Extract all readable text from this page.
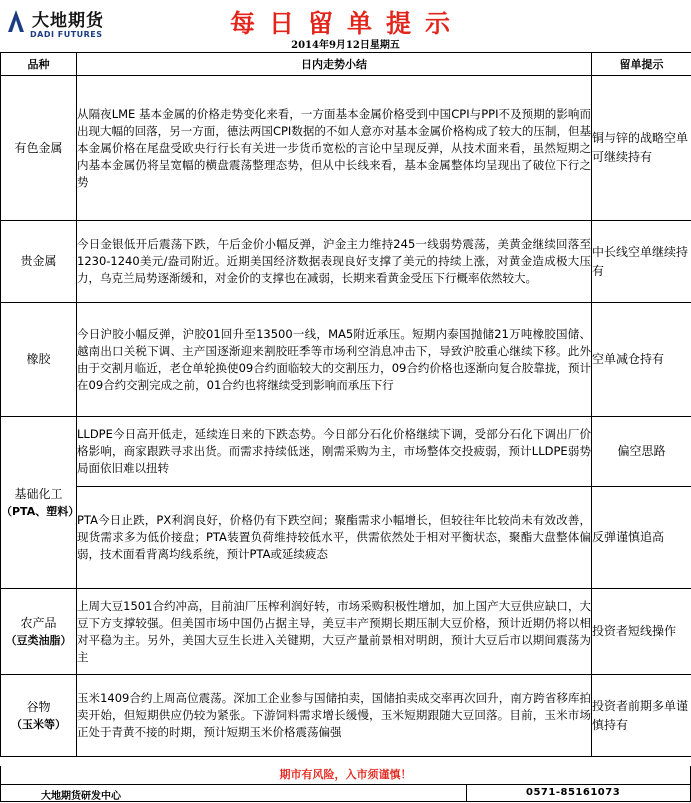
大地期货
DADI FUTURES	每日留单提示
2014年9月12日星期五
品种	日内走势小结	留单提示

有色金属	从隔夜LME 基本金属的价格走势变化来看，一方面基本金属价格受到中国CPI与PPI不及预期的影响而出现大幅的回落，另一方面，德法两国CPI数据的不如人意亦对基本金属价格构成了较大的压制，但基本金属价格在尾盘受欧央行行长有关进一步货币宽松的言论中呈现反弹，从技术面来看，虽然短期之内基本金属仍将呈宽幅的横盘震荡整理态势，但从中长线来看，基本金属整体均呈现出了破位下行之势	铜与锌的战略空单可继续持有

贵金属	今日金银低开后震荡下跌，午后金价小幅反弹，沪金主力维持245一线弱势震荡，美黄金继续回落至1230-1240美元/盎司附近。近期美国经济数据表现良好支撑了美元的持续上涨，对黄金造成极大压力，乌克兰局势逐渐缓和，对金价的支撑也在减弱，长期来看黄金受压下行概率依然较大。	中长线空单继续持有

橡胶	今日沪胶小幅反弹，沪胶01回升至13500一线，MA5附近承压。短期内泰国抛储21万吨橡胶国储、越南出口关税下调、主产国逐渐迎来割胶旺季等市场利空消息冲击下，导致沪胶重心继续下移。此外由于交割月临近，老仓单轮换使09合约面临较大的交割压力，09合约价格也逐渐向复合胶靠拢，预计在09合约交割完成之前，01合约也将继续受到影响而承压下行	空单减仓持有

基础化工
（PTA、塑料）	LLDPE今日高开低走，延续连日来的下跌态势。今日部分石化价格继续下调，受部分石化下调出厂价格影响，商家跟跌寻求出货。而需求持续低迷，刚需采购为主，市场整体交投疲弱，预计LLDPE弱势局面依旧难以扭转	偏空思路
	PTA今日止跌，PX利润良好，价格仍有下跌空间；聚酯需求小幅增长，但较往年比较尚未有效改善，现货需求多为低价接盘；PTA装置负荷维持较低水平，供需依然处于相对平衡状态，聚酯大盘整体偏弱，技术面看背离均线系统，预计PTA或延续疲态	反弹谨慎追高

农产品
（豆类油脂）	上周大豆1501合约冲高，目前油厂压榨利润好转，市场采购积极性增加，加上国产大豆供应缺口，大豆下方支撑较强。但美国市场中国仍占据主导，美豆丰产预期长期压制大豆价格，预计近期仍将以相对平稳为主。另外，美国大豆生长进入关键期，大豆产量前景相对明朗，预计大豆后市以期间震荡为主	投资者短线操作

谷物
（玉米等）	玉米1409合约上周高位震荡。深加工企业参与国储拍卖，国储拍卖成交率再次回升，南方跨省移库拍卖开始，但短期供应仍较为紧张。下游饲料需求增长缓慢，玉米短期跟随大豆回落。目前，玉米市场正处于青黄不接的时期，预计短期玉米价格震荡偏强	投资者前期多单谨慎持有
期市有风险，入市须谨慎！
大地期货研发中心	0571-85161073
